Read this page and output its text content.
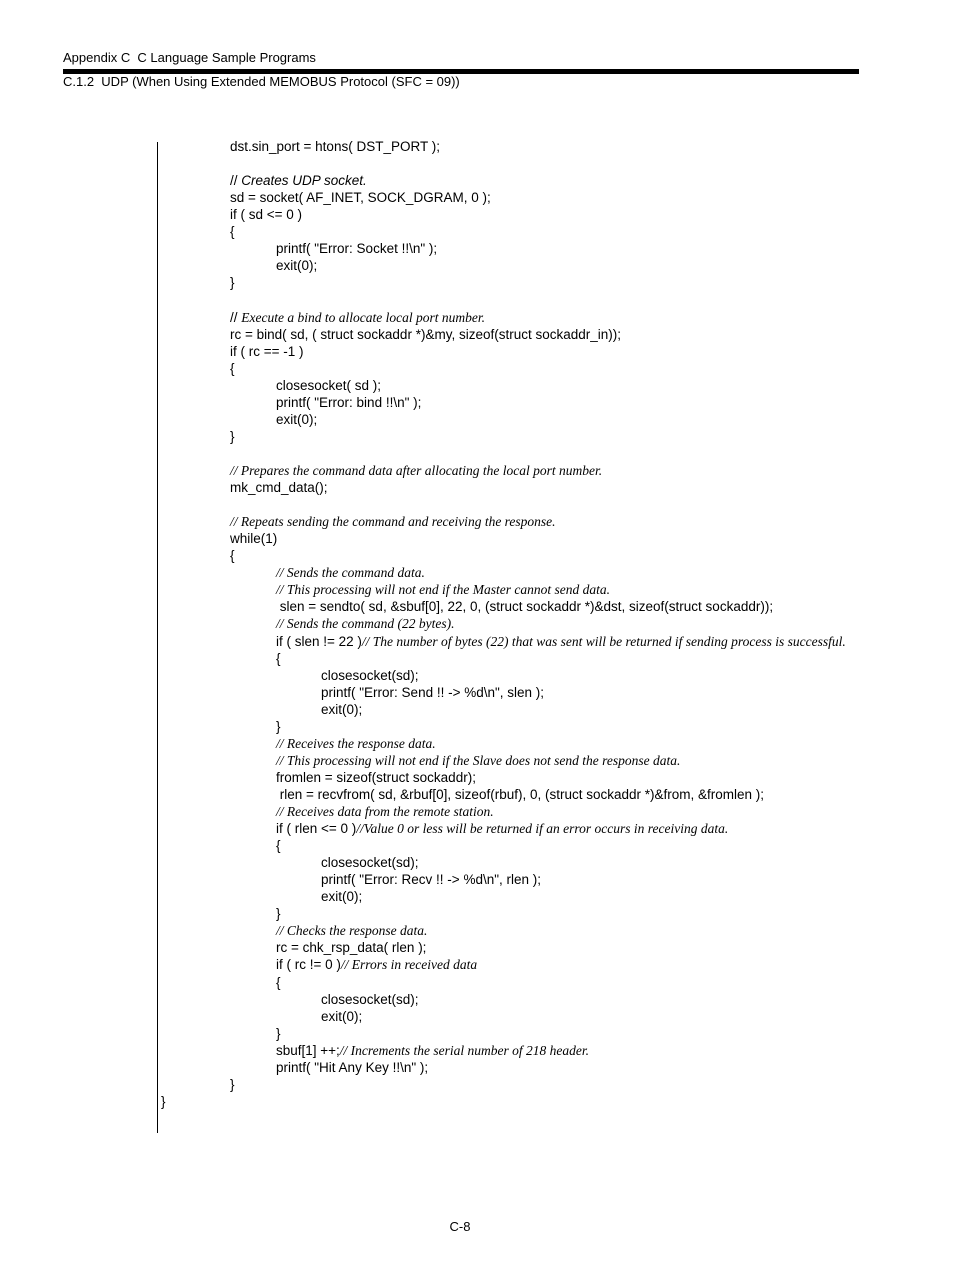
Appendix C  C Language Sample Programs
C.1.2  UDP (When Using Extended MEMOBUS Protocol (SFC = 09))
dst.sin_port = htons( DST_PORT );
// Creates UDP socket.
sd = socket( AF_INET, SOCK_DGRAM, 0 );
if ( sd <= 0 )
{
printf( "Error: Socket !!\n" );
exit(0);
}
// Execute a bind to allocate local port number.
rc = bind( sd, ( struct sockaddr *)&my, sizeof(struct sockaddr_in));
if ( rc == -1 )
{
closesocket( sd );
printf( "Error: bind !!\n" );
exit(0);
}
// Prepares the command data after allocating the local port number.
mk_cmd_data();
// Repeats sending the command and receiving the response.
while(1)
{
// Sends the command data.
// This processing will not end if the Master cannot send data.
slen = sendto( sd, &sbuf[0], 22, 0, (struct sockaddr *)&dst, sizeof(struct sockaddr));
// Sends the command (22 bytes).
if ( slen != 22 )// The number of bytes (22) that was sent will be returned if sending process is successful.
{
closesocket(sd);
printf( "Error: Send !! -> %d\n", slen );
exit(0);
}
// Receives the response data.
// This processing will not end if the Slave does not send the response data.
fromlen = sizeof(struct sockaddr);
rlen = recvfrom( sd, &rbuf[0], sizeof(rbuf), 0, (struct sockaddr *)&from, &fromlen );
// Receives data from the remote station.
if ( rlen <= 0 )//Value 0 or less will be returned if an error occurs in receiving data.
{
closesocket(sd);
printf( "Error: Recv !! -> %d\n", rlen );
exit(0);
}
// Checks the response data.
rc = chk_rsp_data( rlen );
if ( rc != 0 )// Errors in received data
{
closesocket(sd);
exit(0);
}
sbuf[1] ++;// Increments the serial number of 218 header.
printf( "Hit Any Key !!\n" );
}
}
C-8
